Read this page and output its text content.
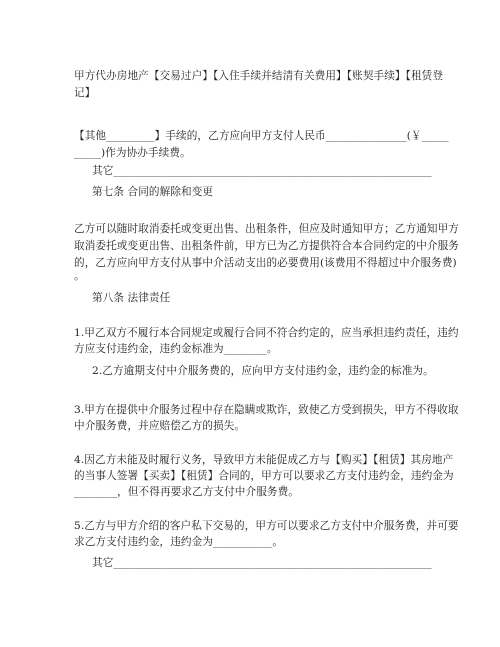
甲方代办房地产【交易过户】【入住手续并结清有关费用】【账契手续】【租赁登
记】
【其他_________】手续的，乙方应向甲方支付人民币_______________(￥_____
_____)作为协办手续费。
其它___________________________________________________________
第七条 合同的解除和变更
乙方可以随时取消委托或变更出售、出租条件，但应及时通知甲方；乙方通知甲方
取消委托或变更出售、出租条件前，甲方已为乙方提供符合本合同约定的中介服务
的，乙方应向甲方支付从事中介活动支出的必要费用(该费用不得超过中介服务费)
。
第八条 法律责任
1.甲乙双方不履行本合同规定或履行合同不符合约定的，应当承担违约责任，违约
方应支付违约金，违约金标准为________。
2.乙方逾期支付中介服务费的，应向甲方支付违约金，违约金的标准为。
3.甲方在提供中介服务过程中存在隐瞒或欺诈，致使乙方受到损失，甲方不得收取
中介服务费，并应赔偿乙方的损失。
4.因乙方未能及时履行义务，导致甲方未能促成乙方与【购买】【租赁】其房地产
的当事人签署【买卖】【租赁】合同的，甲方可以要求乙方支付违约金，违约金为
________，但不得再要求乙方支付中介服务费。
5.乙方与甲方介绍的客户私下交易的，甲方可以要求乙方支付中介服务费，并可要
求乙方支付违约金，违约金为___________。
其它___________________________________________________________
